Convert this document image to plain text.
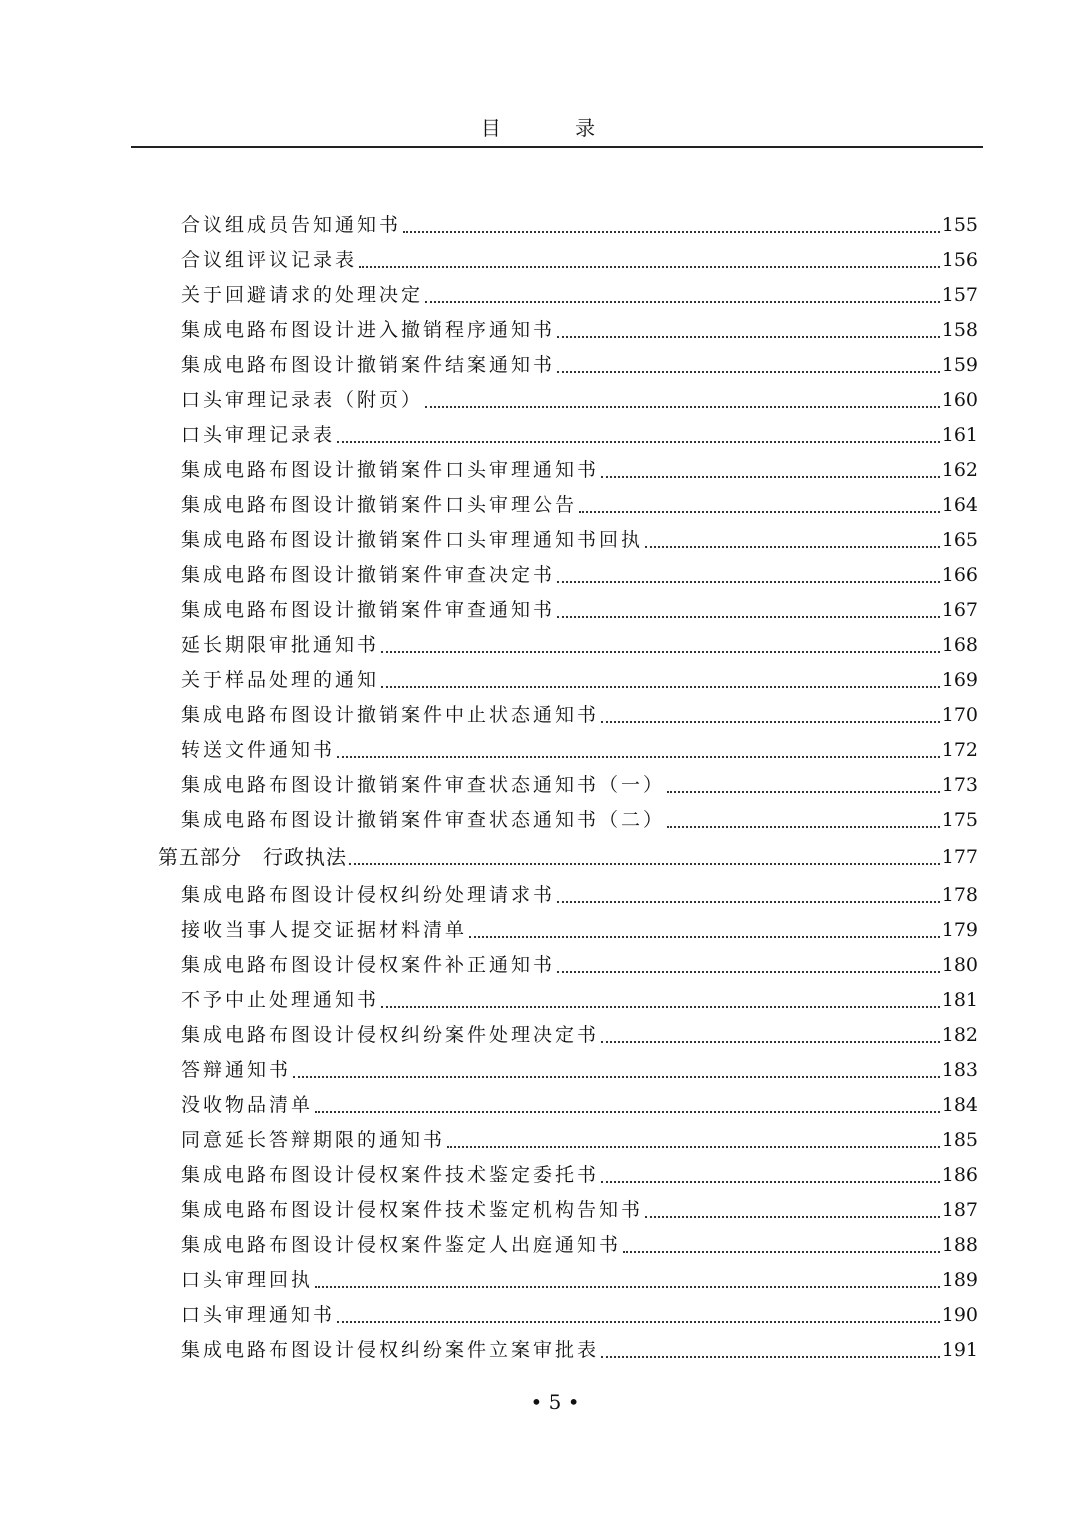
目 录
合议组成员告知通知书	155
合议组评议记录表	156
关于回避请求的处理决定	157
集成电路布图设计进入撤销程序通知书	158
集成电路布图设计撤销案件结案通知书	159
口头审理记录表（附页）	160
口头审理记录表	161
集成电路布图设计撤销案件口头审理通知书	162
集成电路布图设计撤销案件口头审理公告	164
集成电路布图设计撤销案件口头审理通知书回执	165
集成电路布图设计撤销案件审查决定书	166
集成电路布图设计撤销案件审查通知书	167
延长期限审批通知书	168
关于样品处理的通知	169
集成电路布图设计撤销案件中止状态通知书	170
转送文件通知书	172
集成电路布图设计撤销案件审查状态通知书（一）	173
集成电路布图设计撤销案件审查状态通知书（二）	175
第五部分　行政执法	177
集成电路布图设计侵权纠纷处理请求书	178
接收当事人提交证据材料清单	179
集成电路布图设计侵权案件补正通知书	180
不予中止处理通知书	181
集成电路布图设计侵权纠纷案件处理决定书	182
答辩通知书	183
没收物品清单	184
同意延长答辩期限的通知书	185
集成电路布图设计侵权案件技术鉴定委托书	186
集成电路布图设计侵权案件技术鉴定机构告知书	187
集成电路布图设计侵权案件鉴定人出庭通知书	188
口头审理回执	189
口头审理通知书	190
集成电路布图设计侵权纠纷案件立案审批表	191
• 5 •
